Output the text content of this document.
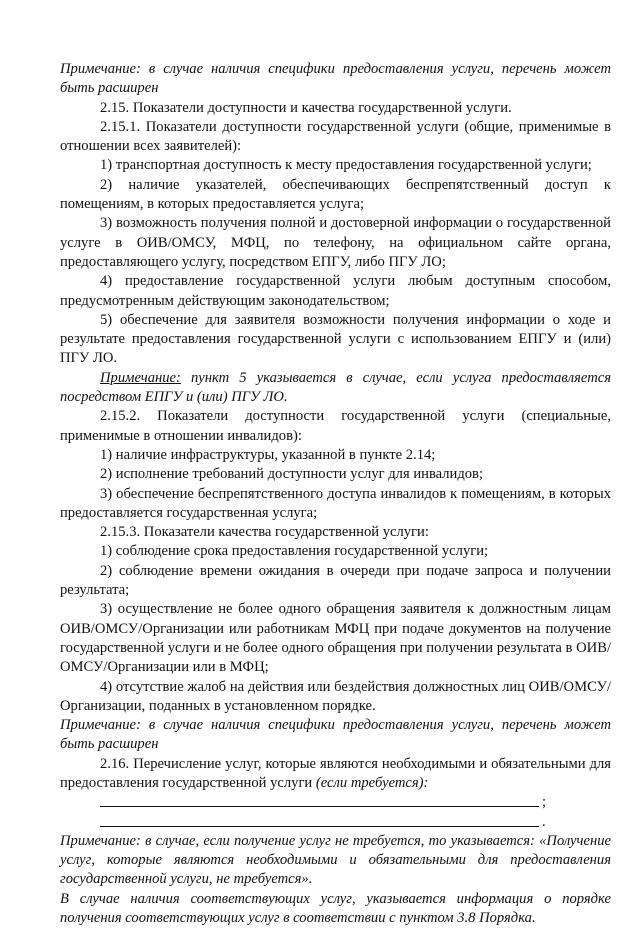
Примечание: в случае наличия специфики предоставления услуги, перечень может быть расширен

2.15. Показатели доступности и качества государственной услуги.

2.15.1. Показатели доступности государственной услуги (общие, применимые в отношении всех заявителей):

1) транспортная доступность к месту предоставления государственной услуги;

2) наличие указателей, обеспечивающих беспрепятственный доступ к помещениям, в которых предоставляется услуга;

3) возможность получения полной и достоверной информации о государственной услуге в ОИВ/ОМСУ, МФЦ, по телефону, на официальном сайте органа, предоставляющего услугу, посредством ЕПГУ, либо ПГУ ЛО;

4) предоставление государственной услуги любым доступным способом, предусмотренным действующим законодательством;

5) обеспечение для заявителя возможности получения информации о ходе и результате предоставления государственной услуги с использованием ЕПГУ и (или) ПГУ ЛО.

Примечание: пункт 5 указывается в случае, если услуга предоставляется посредством ЕПГУ и (или) ПГУ ЛО.

2.15.2. Показатели доступности государственной услуги (специальные, применимые в отношении инвалидов):

1) наличие инфраструктуры, указанной в пункте 2.14;

2) исполнение требований доступности услуг для инвалидов;

3) обеспечение беспрепятственного доступа инвалидов к помещениям, в которых предоставляется государственная услуга;

2.15.3. Показатели качества государственной услуги:

1) соблюдение срока предоставления государственной услуги;

2) соблюдение времени ожидания в очереди при подаче запроса и получении результата;

3) осуществление не более одного обращения заявителя к должностным лицам ОИВ/ОМСУ/Организации или работникам МФЦ при подаче документов на получение государственной услуги и не более одного обращения при получении результата в ОИВ/ОМСУ/Организации или в МФЦ;

4) отсутствие жалоб на действия или бездействия должностных лиц ОИВ/ОМСУ/Организации, поданных в установленном порядке.

Примечание: в случае наличия специфики предоставления услуги, перечень может быть расширен

2.16. Перечисление услуг, которые являются необходимыми и обязательными для предоставления государственной услуги (если требуется):

;
.

Примечание: в случае, если получение услуг не требуется, то указывается: «Получение услуг, которые являются необходимыми и обязательными для предоставления государственной услуги, не требуется».

В случае наличия соответствующих услуг, указывается информация о порядке получения соответствующих услуг в соответствии с пунктом 3.8 Порядка.
